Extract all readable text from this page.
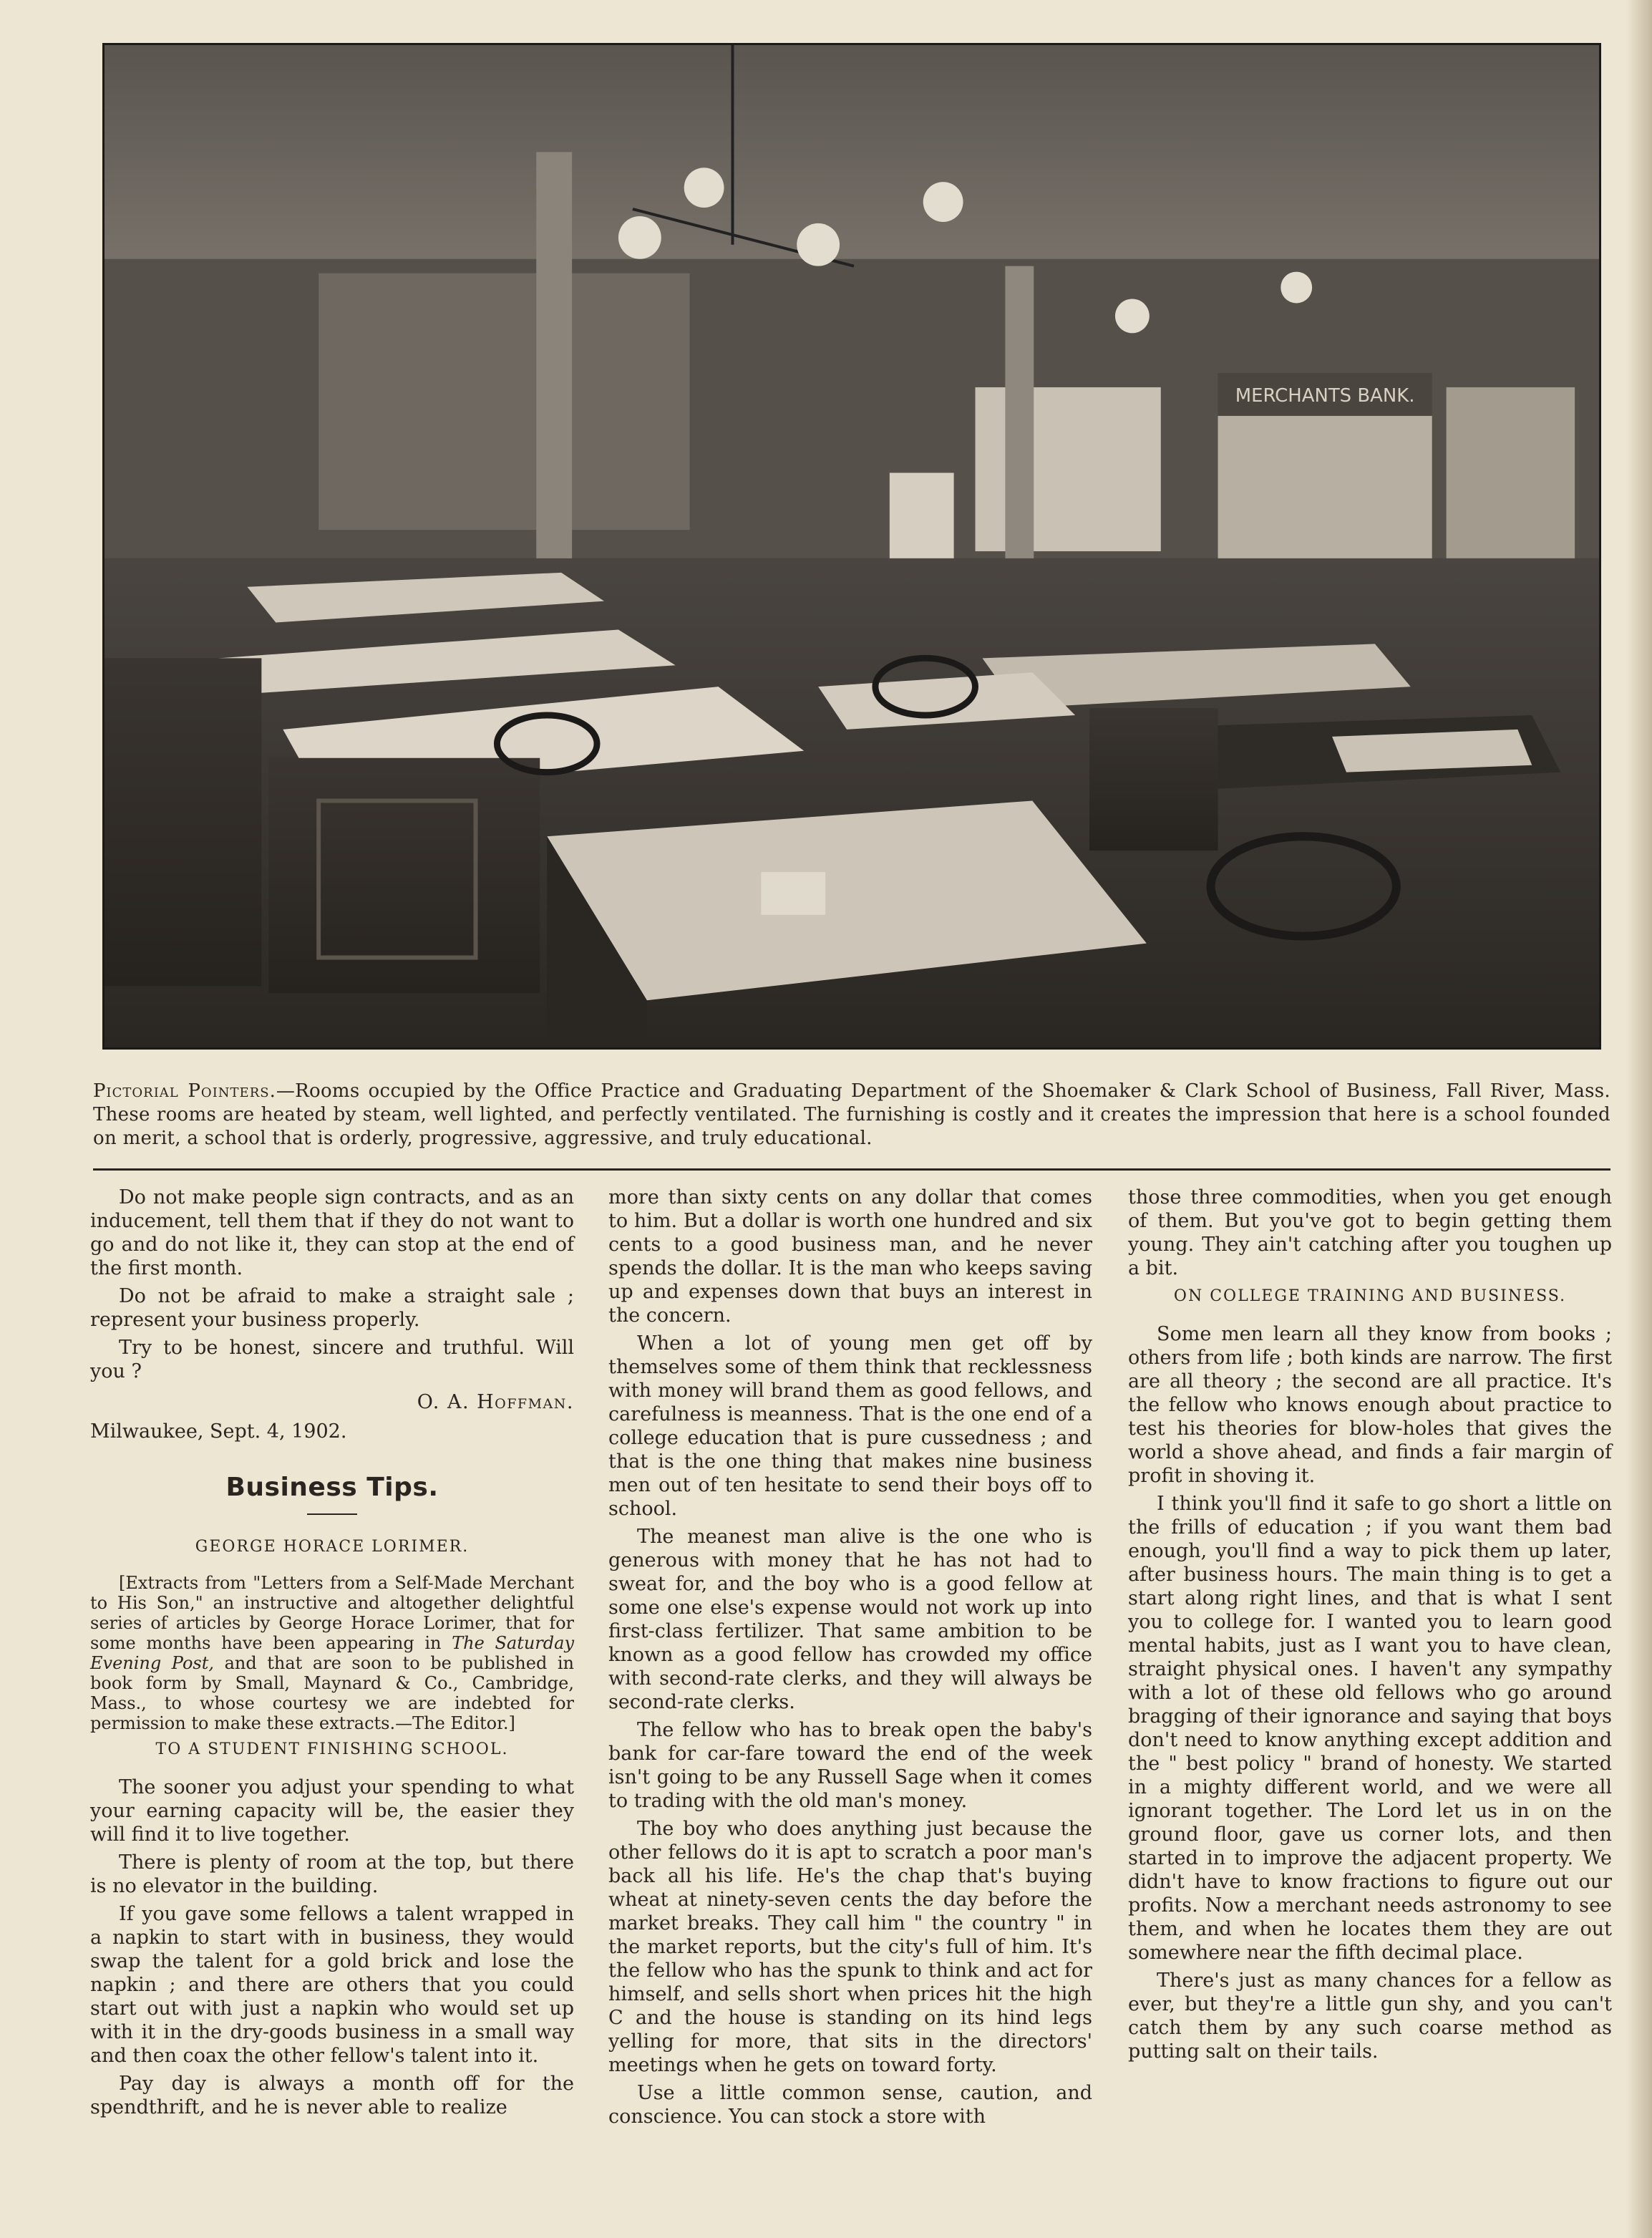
MERCHANTS BANK.
Pictorial Pointers.—Rooms occupied by the Office Practice and Graduating Department of the Shoemaker & Clark School of Business, Fall River, Mass. These rooms are heated by steam, well lighted, and perfectly ventilated. The furnishing is costly and it creates the impression that here is a school founded on merit, a school that is orderly, progressive, aggressive, and truly educational.

Do not make people sign contracts, and as an inducement, tell them that if they do not want to go and do not like it, they can stop at the end of the first month.

Do not be afraid to make a straight sale ; represent your business properly.

Try to be honest, sincere and truthful. Will you ?

O. A. Hoffman.
Milwaukee, Sept. 4, 1902.
Business Tips.
GEORGE HORACE LORIMER.

[Extracts from "Letters from a Self-Made Merchant to His Son," an instructive and altogether delightful series of articles by George Horace Lorimer, that for some months have been appearing in The Saturday Evening Post, and that are soon to be published in book form by Small, Maynard & Co., Cambridge, Mass., to whose courtesy we are indebted for permission to make these extracts.—The Editor.]

TO A STUDENT FINISHING SCHOOL.

The sooner you adjust your spending to what your earning capacity will be, the easier they will find it to live together.

There is plenty of room at the top, but there is no elevator in the building.

If you gave some fellows a talent wrapped in a napkin to start with in business, they would swap the talent for a gold brick and lose the napkin ; and there are others that you could start out with just a napkin who would set up with it in the dry-goods business in a small way and then coax the other fellow's talent into it.

Pay day is always a month off for the spendthrift, and he is never able to realize

more than sixty cents on any dollar that comes to him. But a dollar is worth one hundred and six cents to a good business man, and he never spends the dollar. It is the man who keeps saving up and expenses down that buys an interest in the concern.

When a lot of young men get off by themselves some of them think that recklessness with money will brand them as good fellows, and carefulness is meanness. That is the one end of a college education that is pure cussedness ; and that is the one thing that makes nine business men out of ten hesitate to send their boys off to school.

The meanest man alive is the one who is generous with money that he has not had to sweat for, and the boy who is a good fellow at some one else's expense would not work up into first-class fertilizer. That same ambition to be known as a good fellow has crowded my office with second-rate clerks, and they will always be second-rate clerks.

The fellow who has to break open the baby's bank for car-fare toward the end of the week isn't going to be any Russell Sage when it comes to trading with the old man's money.

The boy who does anything just because the other fellows do it is apt to scratch a poor man's back all his life. He's the chap that's buying wheat at ninety-seven cents the day before the market breaks. They call him " the country " in the market reports, but the city's full of him. It's the fellow who has the spunk to think and act for himself, and sells short when prices hit the high C and the house is standing on its hind legs yelling for more, that sits in the directors' meetings when he gets on toward forty.

Use a little common sense, caution, and conscience. You can stock a store with

those three commodities, when you get enough of them. But you've got to begin getting them young. They ain't catching after you toughen up a bit.

ON COLLEGE TRAINING AND BUSINESS.

Some men learn all they know from books ; others from life ; both kinds are narrow. The first are all theory ; the second are all practice. It's the fellow who knows enough about practice to test his theories for blow-holes that gives the world a shove ahead, and finds a fair margin of profit in shoving it.

I think you'll find it safe to go short a little on the frills of education ; if you want them bad enough, you'll find a way to pick them up later, after business hours. The main thing is to get a start along right lines, and that is what I sent you to college for. I wanted you to learn good mental habits, just as I want you to have clean, straight physical ones. I haven't any sympathy with a lot of these old fellows who go around bragging of their ignorance and saying that boys don't need to know anything except addition and the " best policy " brand of honesty. We started in a mighty different world, and we were all ignorant together. The Lord let us in on the ground floor, gave us corner lots, and then started in to improve the adjacent property. We didn't have to know fractions to figure out our profits. Now a merchant needs astronomy to see them, and when he locates them they are out somewhere near the fifth decimal place.

There's just as many chances for a fellow as ever, but they're a little gun shy, and you can't catch them by any such coarse method as putting salt on their tails.
